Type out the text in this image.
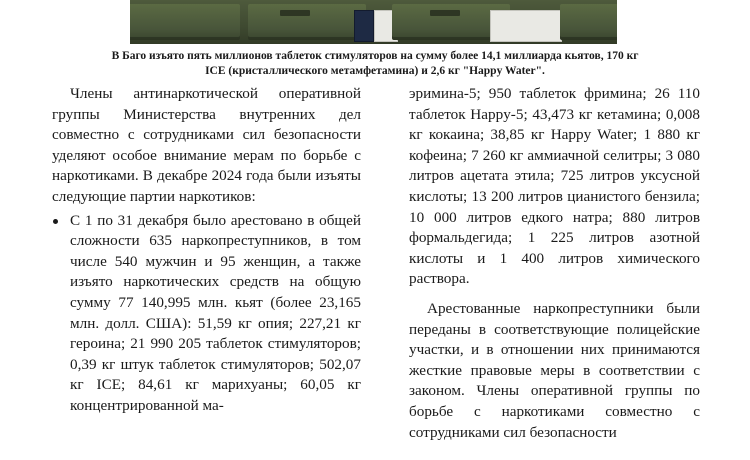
В Баго изъято пять миллионов таблеток стимуляторов на сумму более 14,1 миллиарда кьятов, 170 кг
ICE (кристаллического метамфетамина) и 2,6 кг "Happy Water".

Члены антинаркотической оперативной группы Министерства внутренних дел совместно с сотрудниками сил безопасности уделяют особое внимание мерам по борьбе с наркотиками. В декабре 2024 года были изъяты следующие партии наркотиков:

С 1 по 31 декабря было арестовано в общей сложности 635 наркопреступников, в том числе 540 мужчин и 95 женщин, а также изъято наркотических средств на общую сумму 77 140,995 млн. кьят (более 23,165 млн. долл. США): 51,59 кг опия; 227,21 кг героина; 21 990 205 таблеток стимуляторов; 0,39 кг штук таблеток стимуляторов; 502,07 кг ICE; 84,61 кг марихуаны; 60,05 кг концентрированной ма-

эримина-5; 950 таблеток фримина; 26 110 таблеток Happy-5; 43,473 кг кетамина; 0,008 кг кокаина; 38,85 кг Happy Water; 1 880 кг кофеина; 7 260 кг аммиачной селитры; 3 080 литров ацетата этила; 725 литров уксусной кислоты; 13 200 литров цианистого бензила; 10 000 литров едкого натра; 880 литров формальдегида; 1 225 литров азотной кислоты и 1 400 литров химического раствора.

Арестованные наркопреступники были переданы в соответствующие полицейские участки, и в отношении них принимаются жесткие правовые меры в соответствии с законом. Члены оперативной группы по борьбе с наркотиками совместно с сотрудниками сил безопасности
